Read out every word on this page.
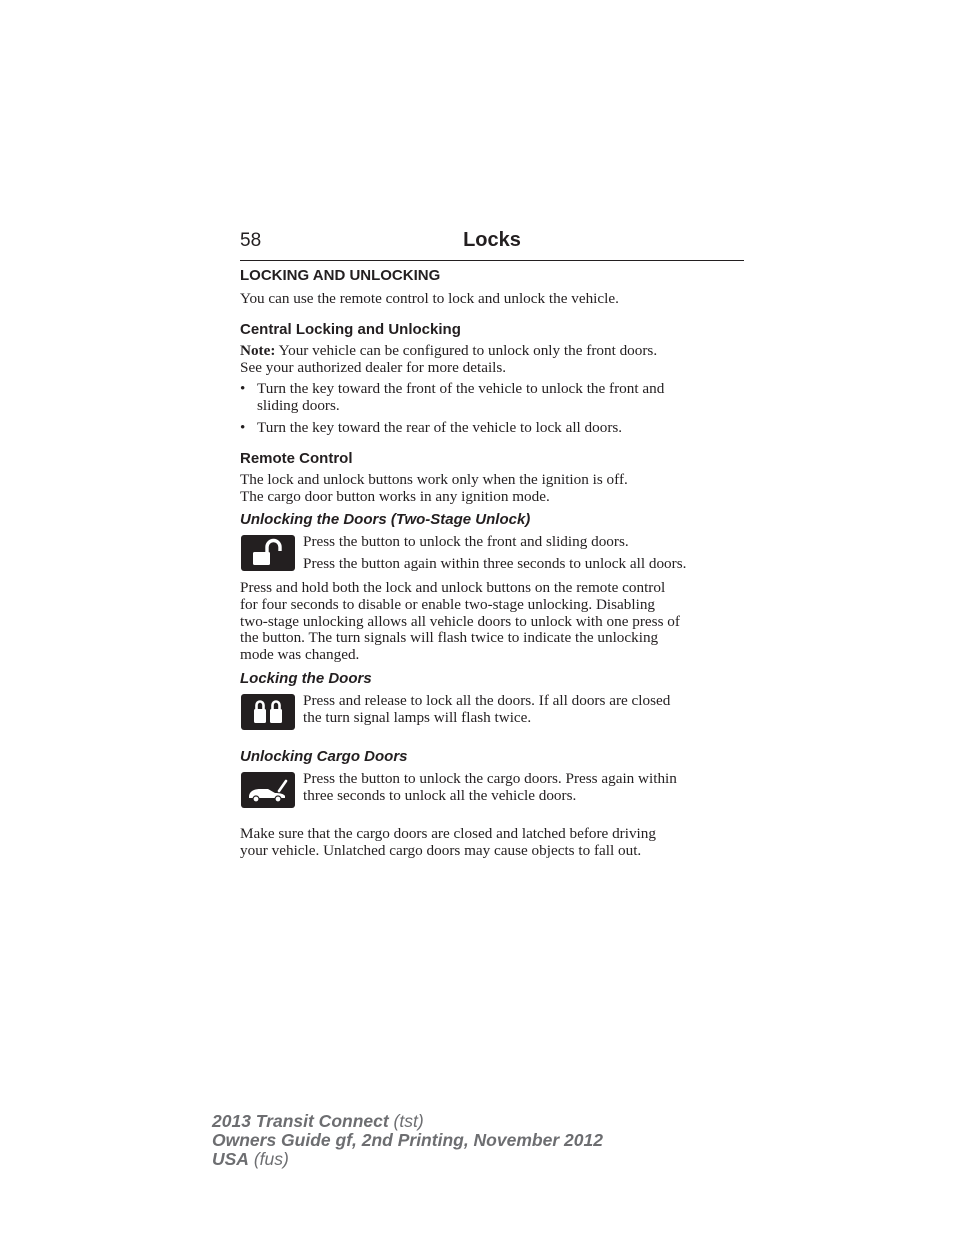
58	Locks
LOCKING AND UNLOCKING

You can use the remote control to lock and unlock the vehicle.

Central Locking and Unlocking

Note: Your vehicle can be configured to unlock only the front doors.

See your authorized dealer for more details.

• Turn the key toward the front of the vehicle to unlock the front and
sliding doors.
• Turn the key toward the rear of the vehicle to lock all doors.
Remote Control

The lock and unlock buttons work only when the ignition is off.

The cargo door button works in any ignition mode.

Unlocking the Doors (Two-Stage Unlock)

Press the button to unlock the front and sliding doors.

Press the button again within three seconds to unlock all doors.

Press and hold both the lock and unlock buttons on the remote control

for four seconds to disable or enable two-stage unlocking. Disabling

two-stage unlocking allows all vehicle doors to unlock with one press of

the button. The turn signals will flash twice to indicate the unlocking

mode was changed.

Locking the Doors

Press and release to lock all the doors. If all doors are closed

the turn signal lamps will flash twice.

Unlocking Cargo Doors

Press the button to unlock the cargo doors. Press again within

three seconds to unlock all the vehicle doors.

Make sure that the cargo doors are closed and latched before driving

your vehicle. Unlatched cargo doors may cause objects to fall out.

2013 Transit Connect (tst)
Owners Guide gf, 2nd Printing, November 2012
USA (fus)
